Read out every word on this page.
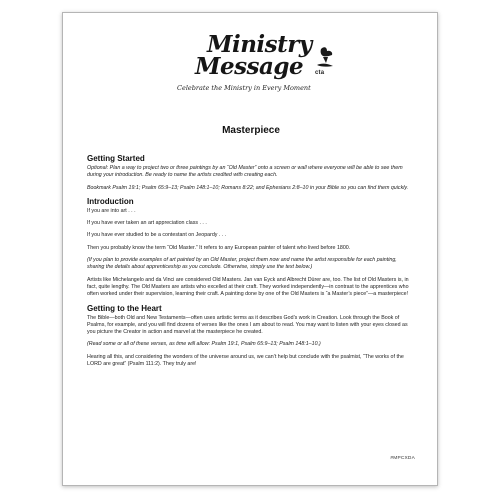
Ministry
Message cta
Celebrate the Ministry in Every Moment
Masterpiece
Getting Started

Optional: Plan a way to project two or three paintings by an “Old Master” onto a screen or wall where everyone will be able to see them during your introduction. Be ready to name the artists credited with creating each.

Bookmark Psalm 19:1; Psalm 65:9–13; Psalm 148:1–10; Romans 8:22; and Ephesians 2:8–10 in your Bible so you can find them quickly.

Introduction

If you are into art . . .

If you have ever taken an art appreciation class . . .

If you have ever studied to be a contestant on Jeopardy . . .

Then you probably know the term “Old Master.” It refers to any European painter of talent who lived before 1800.

(If you plan to provide examples of art painted by an Old Master, project them now and name the artist responsible for each painting, sharing the details about apprenticeship as you conclude. Otherwise, simply use the text below.)

Artists like Michelangelo and da Vinci are considered Old Masters. Jan van Eyck and Albrecht Dürer are, too. The list of Old Masters is, in fact, quite lengthy. The Old Masters are artists who excelled at their craft. They worked independently—in contrast to the apprentices who often worked under their supervision, learning their craft. A painting done by one of the Old Masters is “a Master’s piece”—a masterpiece!

Getting to the Heart

The Bible—both Old and New Testaments—often uses artistic terms as it describes God’s work in Creation. Look through the Book of Psalms, for example, and you will find dozens of verses like the ones I am about to read. You may want to listen with your eyes closed as you picture the Creator in action and marvel at the masterpiece he created.

(Read some or all of these verses, as time will allow: Psalm 19:1, Psalm 65:9–13; Psalm 148:1–10.)

Hearing all this, and considering the wonders of the universe around us, we can’t help but conclude with the psalmist, “The works of the LORD are great” (Psalm 111:2). They truly are!

#MPCXDA
